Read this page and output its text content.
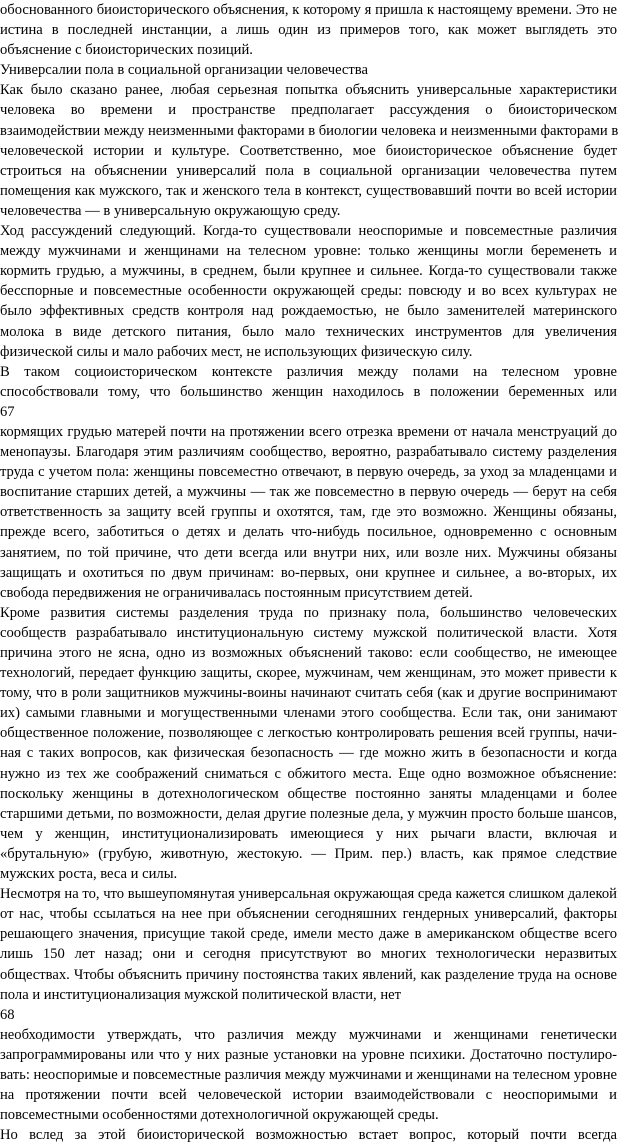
обоснованного биоисторического объяснения, к которому я пришла к настоящему времени. Это не
истина в последней инстанции, а лишь один из примеров того, как может выглядеть это
объяснение с биоисторических позиций.
Универсалии пола в социальной организации человечества
Как было сказано ранее, любая серьезная попытка объяснить универсальные характеристики
человека во времени и пространстве предполагает рассуждения о биоисторическом
взаимодействии между неизменными факторами в биологии человека и неизменными факторами в
человеческой истории и культуре. Соответственно, мое биоисторическое объяснение будет
строиться на объяснении универсалий пола в социальной организации человечества путем
помещения как мужского, так и женского тела в контекст, существовавший почти во всей истории
человечества — в универсальную окружающую среду.
Ход рассуждений следующий. Когда-то существовали неоспоримые и повсеместные различия
между мужчинами и женщинами на телесном уровне: только женщины могли беременеть и
кормить грудью, а мужчины, в среднем, были крупнее и сильнее. Когда-то существовали также
бесспорные и повсеместные особенности окружающей среды: повсюду и во всех культурах не
было эффективных средств контроля над рождаемостью, не было заменителей материнского
молока в виде детского питания, было мало технических инструментов для увеличения
физической силы и мало рабочих мест, не использующих физическую силу.
В таком социоисторическом контексте различия между полами на телесном уровне
способствовали тому, что большинство женщин находилось в положении беременных или
67
кормящих грудью матерей почти на протяжении всего отрезка времени от начала менструаций до
менопаузы. Благодаря этим различиям сообщество, вероятно, разрабатывало систему разделения
труда с учетом пола: женщины повсеместно отвечают, в первую очередь, за уход за младенцами и
воспитание старших детей, а мужчины — так же повсеместно в первую очередь — берут на себя
ответственность за защиту всей группы и охотятся, там, где это возможно. Женщины обязаны,
прежде всего, заботиться о детях и делать что-нибудь посильное, одновременно с основным
занятием, по той причине, что дети всегда или внутри них, или возле них. Мужчины обязаны
защищать и охотиться по двум причинам: во-первых, они крупнее и сильнее, а во-вторых, их
свобода передвижения не ограничивалась постоянным присутствием детей.
Кроме развития системы разделения труда по признаку пола, большинство человеческих
сообществ разрабатывало институциональную систему мужской политической власти. Хотя
причина этого не ясна, одно из возможных объяснений таково: если сообщество, не имеющее
технологий, передает функцию защиты, скорее, мужчинам, чем женщинам, это может привести к
тому, что в роли защитников мужчины-воины начинают считать себя (как и другие воспринимают
их) самыми главными и могущественными членами этого сообщества. Если так, они занимают
общественное положение, позволяющее с легкостью контролировать решения всей группы, начи-
ная с таких вопросов, как физическая безопасность — где можно жить в безопасности и когда
нужно из тех же соображений сниматься с обжитого места. Еще одно возможное объяснение:
поскольку женщины в дотехнологическом обществе постоянно заняты младенцами и более
старшими детьми, по возможности, делая другие полезные дела, у мужчин просто больше шансов,
чем у женщин, институционализировать имеющиеся у них рычаги власти, включая и
«брутальную» (грубую, животную, жестокую. — Прим. пер.) власть, как прямое следствие
мужских роста, веса и силы.
Несмотря на то, что вышеупомянутая универсальная окружающая среда кажется слишком далекой
от нас, чтобы ссылаться на нее при объяснении сегодняшних гендерных универсалий, факторы
решающего значения, присущие такой среде, имели место даже в американском обществе всего
лишь 150 лет назад; они и сегодня присутствуют во многих технологически неразвитых
обществах. Чтобы объяснить причину постоянства таких явлений, как разделение труда на основе
пола и институционализация мужской политической власти, нет
68
необходимости утверждать, что различия между мужчинами и женщинами генетически
запрограммированы или что у них разные установки на уровне психики. Достаточно постулиро-
вать: неоспоримые и повсеместные различия между мужчинами и женщинами на телесном уровне
на протяжении почти всей человеческой истории взаимодействовали с неоспоримыми и
повсеместными особенностями дотехнологичной окружающей среды.
Но вслед за этой биоисторической возможностью встает вопрос, который почти всегда
